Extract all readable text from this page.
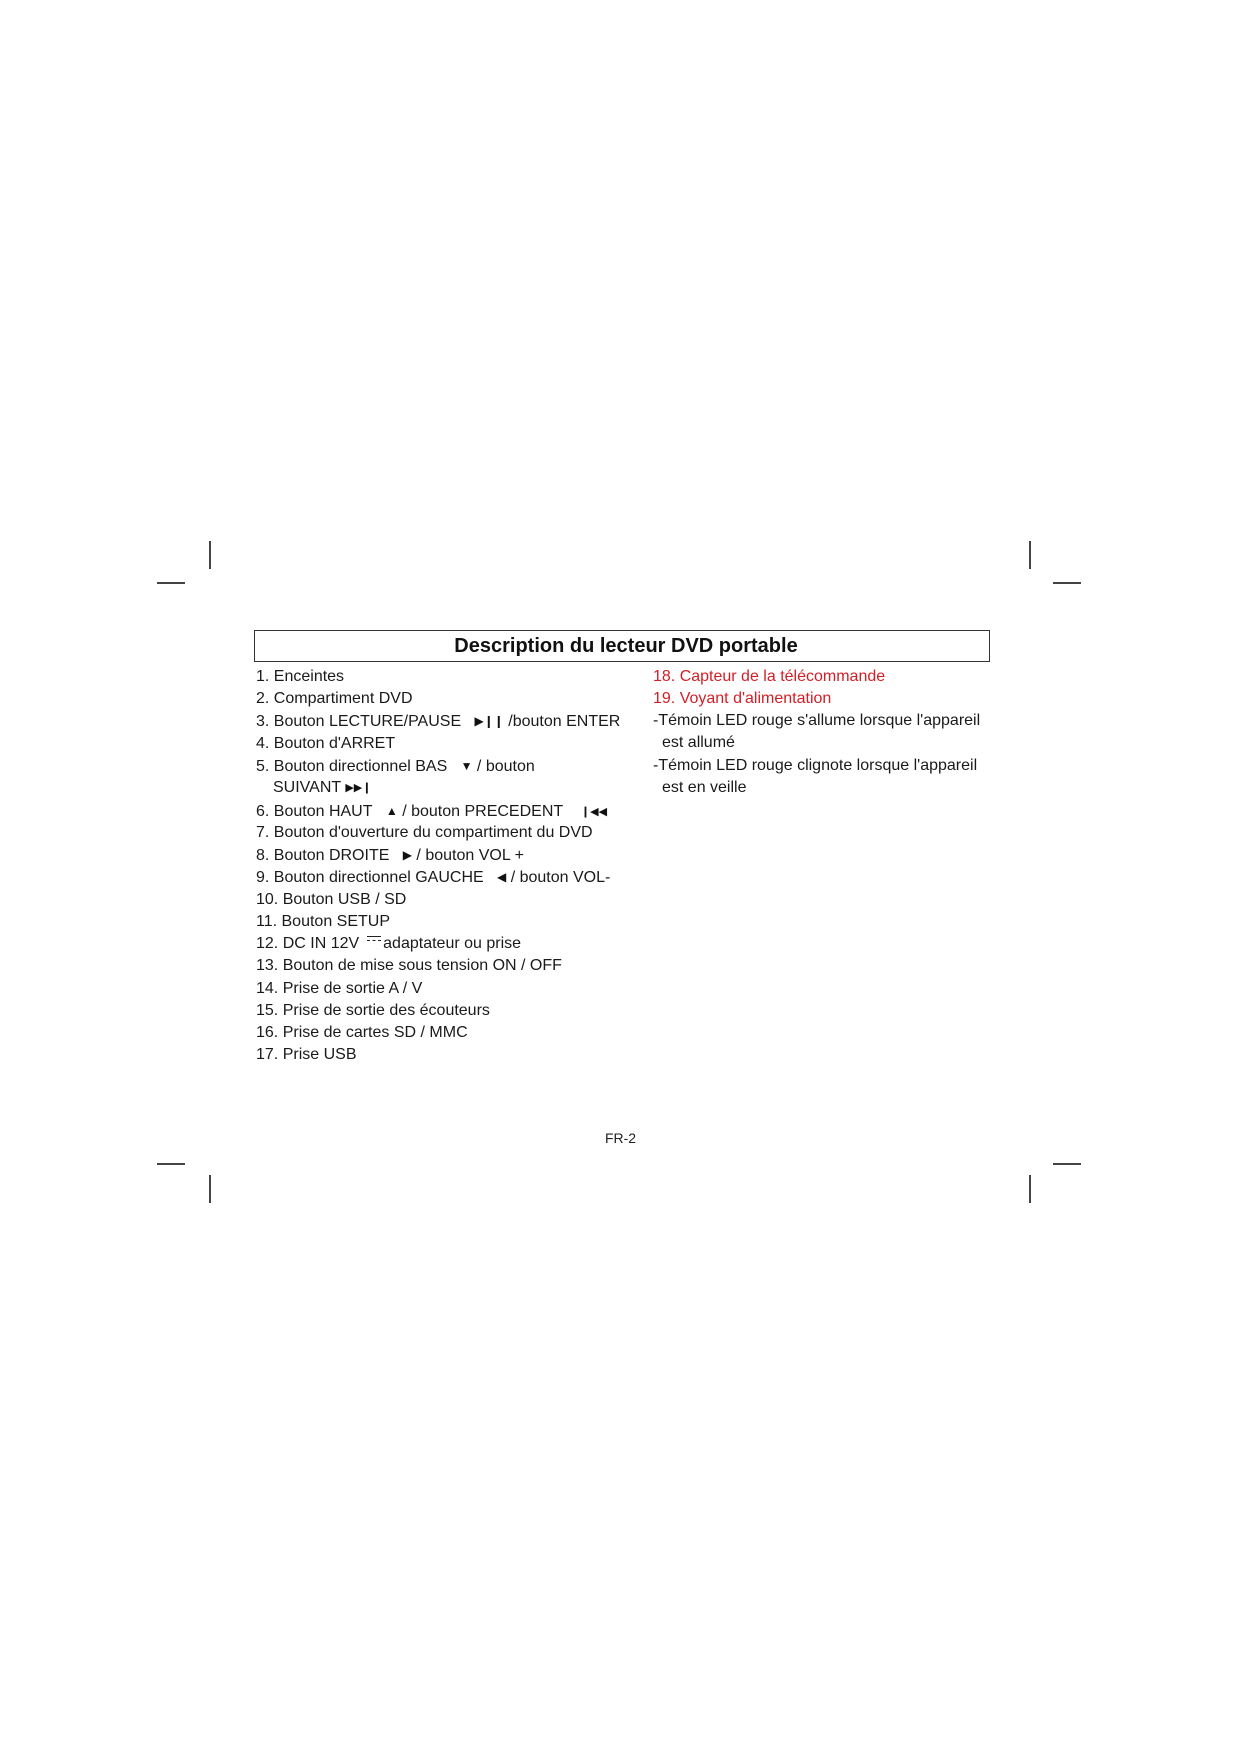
Description du lecteur DVD portable
1. Enceintes
2. Compartiment DVD
3. Bouton LECTURE/PAUSE ▶❙❙ /bouton ENTER
4. Bouton d'ARRET
5. Bouton directionnel BAS ▼ / bouton
SUIVANT ▶▶❙
6. Bouton HAUT ▲ / bouton PRECEDENT ❙◀◀
7. Bouton d'ouverture du compartiment du DVD
8. Bouton DROITE ▶ / bouton VOL +
9. Bouton directionnel GAUCHE ◀ / bouton VOL-
10. Bouton USB / SD
11. Bouton SETUP
12. DC IN 12V adaptateur ou prise
13. Bouton de mise sous tension ON / OFF
14. Prise de sortie A / V
15. Prise de sortie des écouteurs
16. Prise de cartes SD / MMC
17. Prise USB
18. Capteur de la télécommande
19. Voyant d'alimentation
-Témoin LED rouge s'allume lorsque l'appareil
est allumé
-Témoin LED rouge clignote lorsque l'appareil
est en veille
FR-2
